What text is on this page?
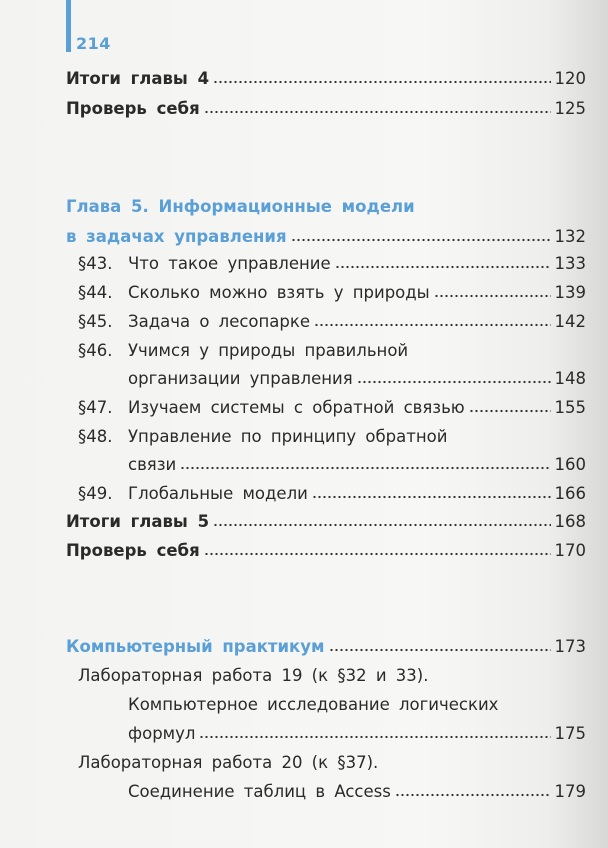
214
Итоги главы 4	120
Проверь себя	125
Глава 5. Информационные модели
в задачах управления	132
§43. Что такое управление	133
§44. Сколько можно взять у природы	139
§45. Задача о лесопарке	142
§46. Учимся у природы правильной
организации управления	148
§47. Изучаем системы с обратной связью	155
§48. Управление по принципу обратной
связи	160
§49. Глобальные модели	166
Итоги главы 5	168
Проверь себя	170
Компьютерный практикум	173
Лабораторная работа 19 (к §32 и 33).
Компьютерное исследование логических
формул	175
Лабораторная работа 20 (к §37).
Соединение таблиц в Access	179
